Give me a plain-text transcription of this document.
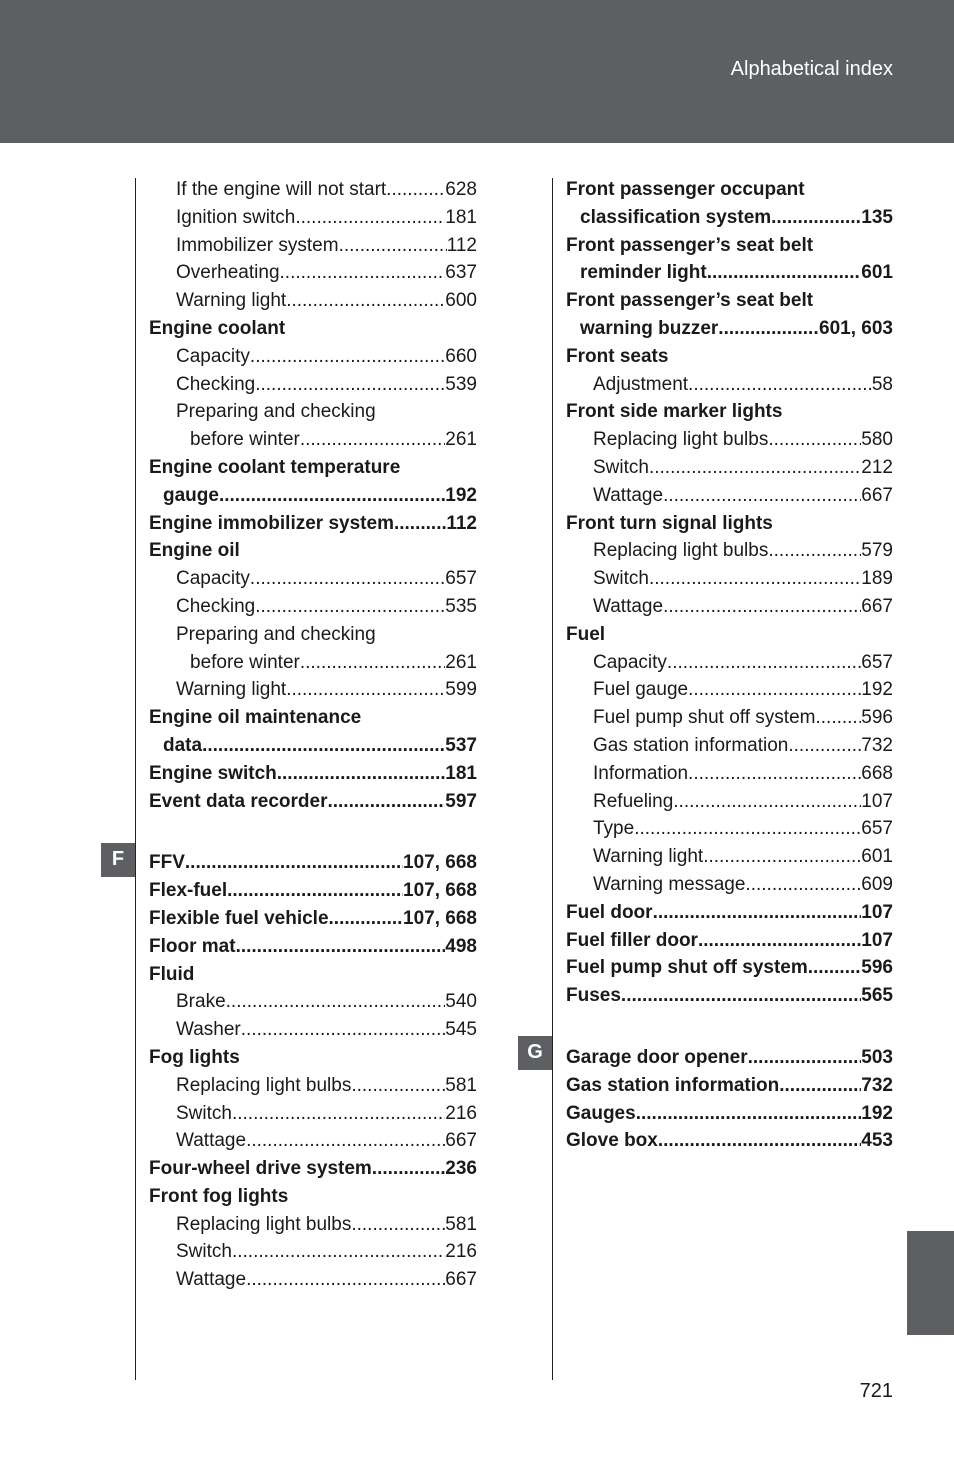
Alphabetical index
If the engine will not start .....	628
Ignition switch .....	181
Immobilizer system .....	112
Overheating .....	637
Warning light .....	600
Engine coolant
Capacity .....	660
Checking .....	539
Preparing and checking
before winter .....	261
Engine coolant temperature
gauge .....	192
Engine immobilizer system .....	112
Engine oil
Capacity .....	657
Checking .....	535
Preparing and checking
before winter .....	261
Warning light .....	599
Engine oil maintenance
data .....	537
Engine switch .....	181
Event data recorder .....	597
FFV .....	107, 668
Flex-fuel .....	107, 668
Flexible fuel vehicle .....	107, 668
Floor mat .....	498
Fluid
Brake .....	540
Washer .....	545
Fog lights
Replacing light bulbs .....	581
Switch .....	216
Wattage .....	667
Four-wheel drive system .....	236
Front fog lights
Replacing light bulbs .....	581
Switch .....	216
Wattage .....	667
Front passenger occupant
classification system .....	135
Front passenger’s seat belt
reminder light .....	601
Front passenger’s seat belt
warning buzzer .....	601, 603
Front seats
Adjustment .....	58
Front side marker lights
Replacing light bulbs .....	580
Switch .....	212
Wattage .....	667
Front turn signal lights
Replacing light bulbs .....	579
Switch .....	189
Wattage .....	667
Fuel
Capacity .....	657
Fuel gauge .....	192
Fuel pump shut off system ..... 596
Gas station information .....	732
Information .....	668
Refueling .....	107
Type .....	657
Warning light .....	601
Warning message .....	609
Fuel door .....	107
Fuel filler door .....	107
Fuel pump shut off system .....	596
Fuses .....	565
Garage door opener .....	503
Gas station information .....	732
Gauges .....	192
Glove box .....	453
F
G
721
